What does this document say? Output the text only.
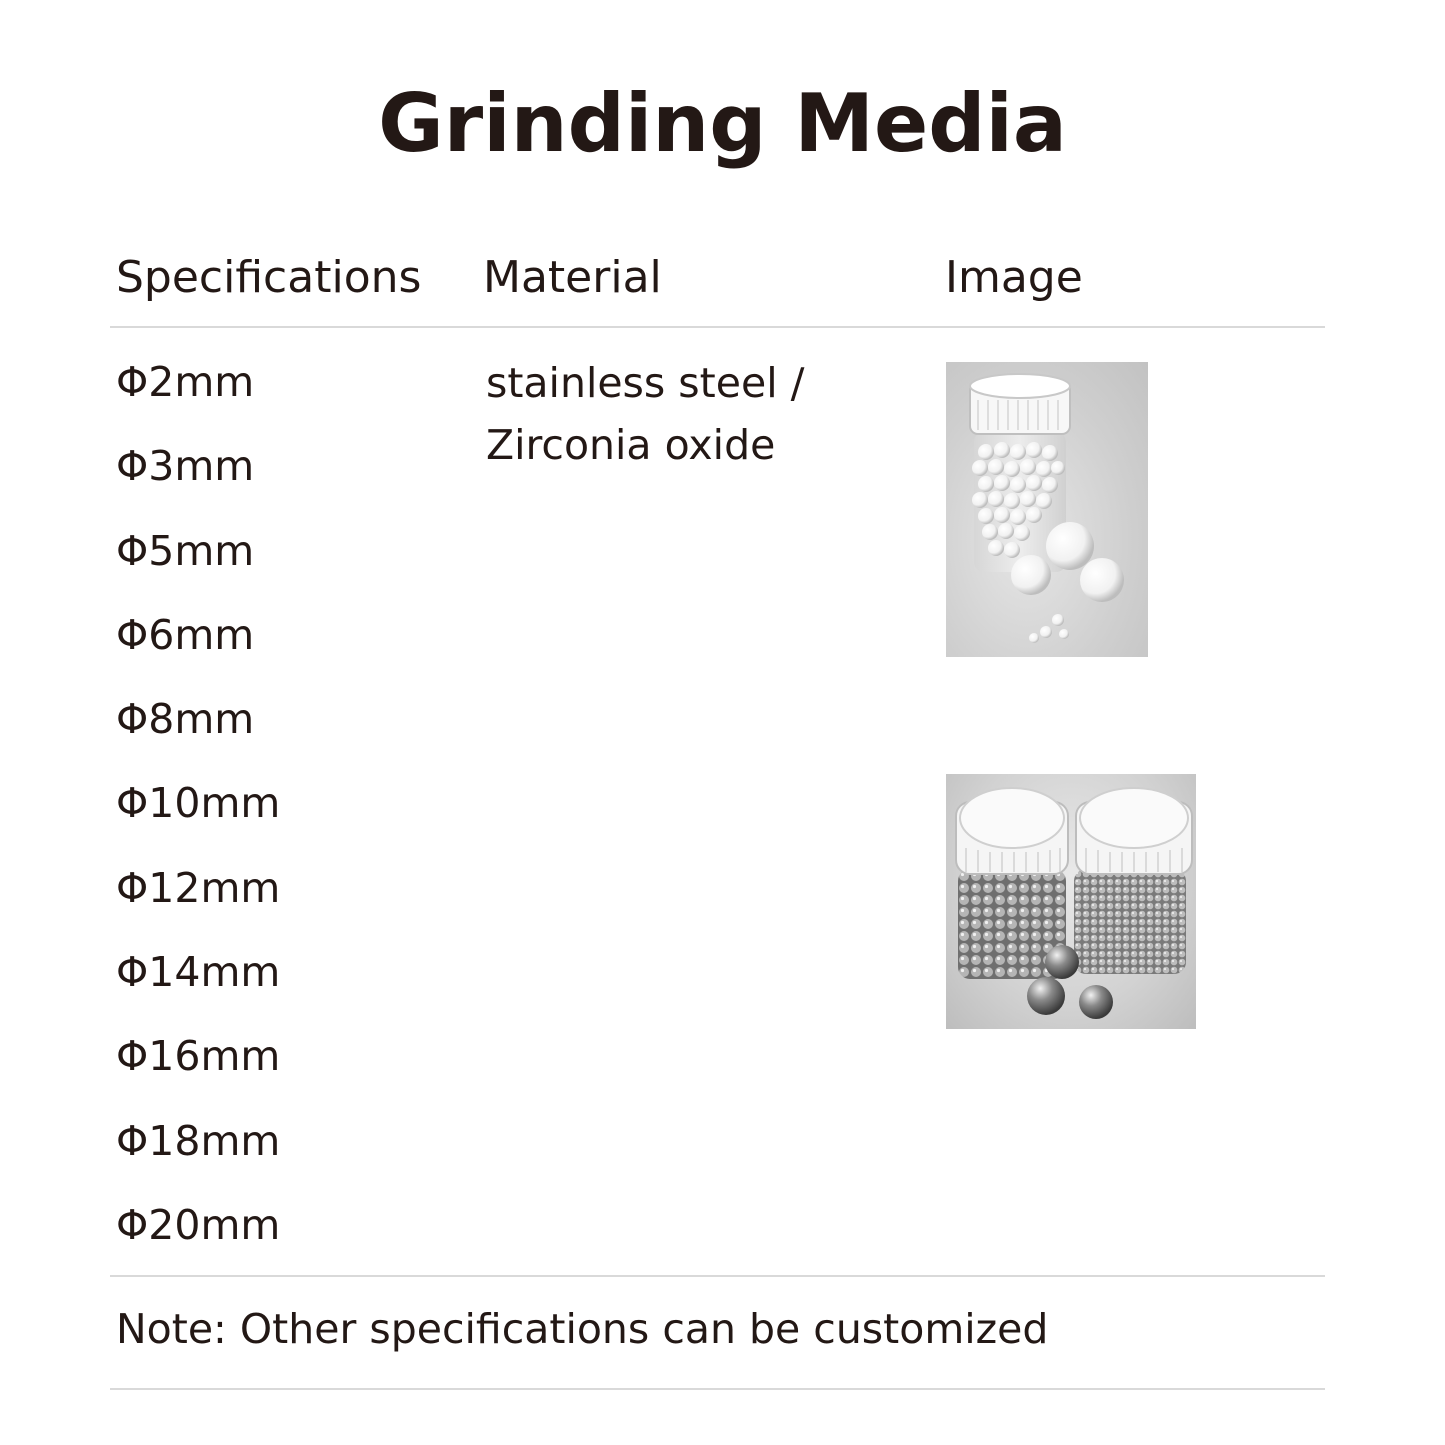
Grinding Media
Specifications Material	Image
Φ2mm
Φ3mm
Φ5mm
Φ6mm
Φ8mm
Φ10mm
Φ12mm
Φ14mm
Φ16mm
Φ18mm
Φ20mm
stainless steel /
Zirconia oxide
Note: Other specifications can be customized
